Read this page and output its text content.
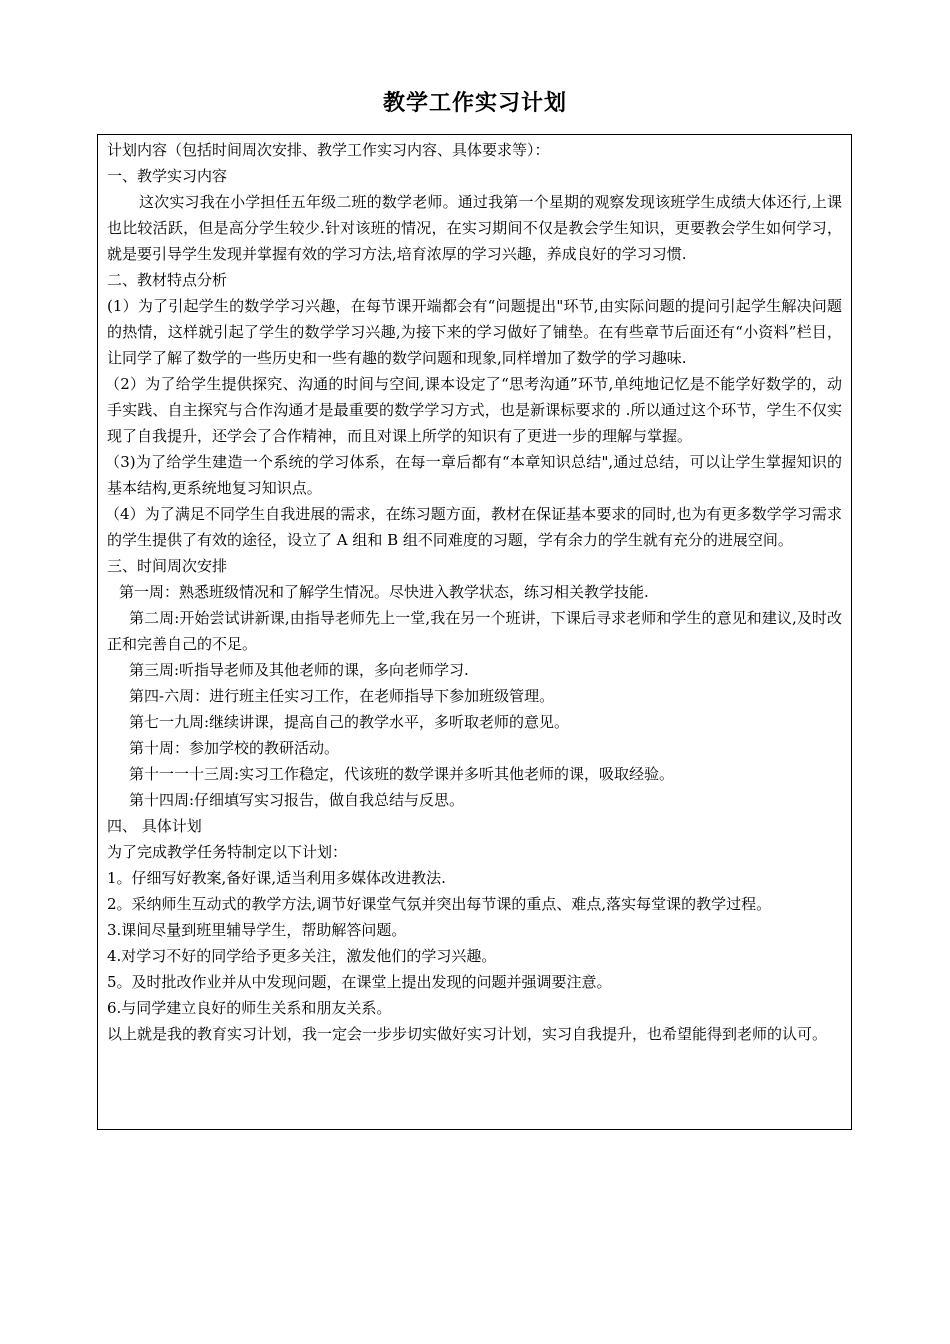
教学工作实习计划

计划内容（包括时间周次安排、教学工作实习内容、具体要求等）：

一、教学实习内容

这次实习我在小学担任五年级二班的数学老师。通过我第一个星期的观察发现该班学生成绩大体还行,上课也比较活跃，但是高分学生较少.针对该班的情况，在实习期间不仅是教会学生知识，更要教会学生如何学习，就是要引导学生发现并掌握有效的学习方法,培育浓厚的学习兴趣，养成良好的学习习惯.

二、教材特点分析

(1）为了引起学生的数学学习兴趣，在每节课开端都会有“问题提出"环节,由实际问题的提问引起学生解决问题的热情，这样就引起了学生的数学学习兴趣,为接下来的学习做好了铺垫。在有些章节后面还有“小资料”栏目，让同学了解了数学的一些历史和一些有趣的数学问题和现象,同样增加了数学的学习趣味.

（2）为了给学生提供探究、沟通的时间与空间,课本设定了“思考沟通”环节,单纯地记忆是不能学好数学的，动手实践、自主探究与合作沟通才是最重要的数学学习方式，也是新课标要求的 .所以通过这个环节，学生不仅实现了自我提升，还学会了合作精神，而且对课上所学的知识有了更进一步的理解与掌握。

（3)为了给学生建造一个系统的学习体系，在每一章后都有“本章知识总结",通过总结，可以让学生掌握知识的基本结构,更系统地复习知识点。

（4）为了满足不同学生自我进展的需求，在练习题方面，教材在保证基本要求的同时,也为有更多数学学习需求的学生提供了有效的途径，设立了 A 组和 B 组不同难度的习题，学有余力的学生就有充分的进展空间。

三、时间周次安排

第一周：熟悉班级情况和了解学生情况。尽快进入教学状态，练习相关教学技能.

第二周:开始尝试讲新课,由指导老师先上一堂,我在另一个班讲，下课后寻求老师和学生的意见和建议,及时改正和完善自己的不足。

第三周:听指导老师及其他老师的课，多向老师学习.

第四-六周：进行班主任实习工作，在老师指导下参加班级管理。

第七一九周:继续讲课，提高自己的教学水平，多听取老师的意见。

第十周：参加学校的教研活动。

第十一一十三周:实习工作稳定，代该班的数学课并多听其他老师的课，吸取经验。

第十四周:仔细填写实习报告，做自我总结与反思。

四、 具体计划

为了完成教学任务特制定以下计划：

1。仔细写好教案,备好课,适当利用多媒体改进教法.

2。采纳师生互动式的教学方法,调节好课堂气氛并突出每节课的重点、难点,落实每堂课的教学过程。

3.课间尽量到班里辅导学生，帮助解答问题。

4.对学习不好的同学给予更多关注，激发他们的学习兴趣。

5。及时批改作业并从中发现问题，在课堂上提出发现的问题并强调要注意。

6.与同学建立良好的师生关系和朋友关系。

以上就是我的教育实习计划，我一定会一步步切实做好实习计划，实习自我提升，也希望能得到老师的认可。
